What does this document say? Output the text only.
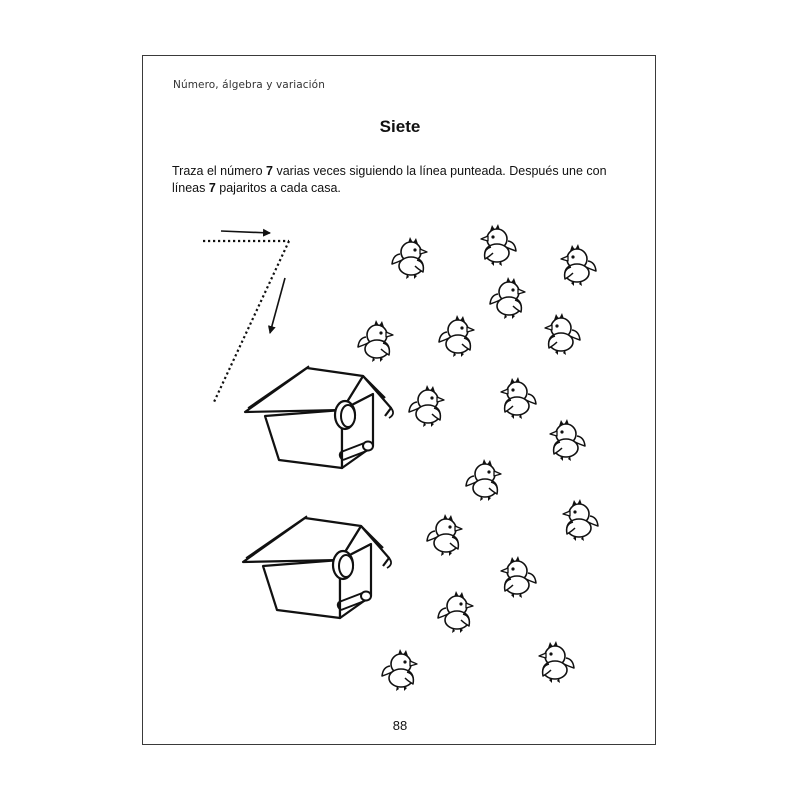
Número, álgebra y variación
Siete
Traza el número 7 varias veces siguiendo la línea punteada. Después une con líneas 7 pajaritos a cada casa.
88
